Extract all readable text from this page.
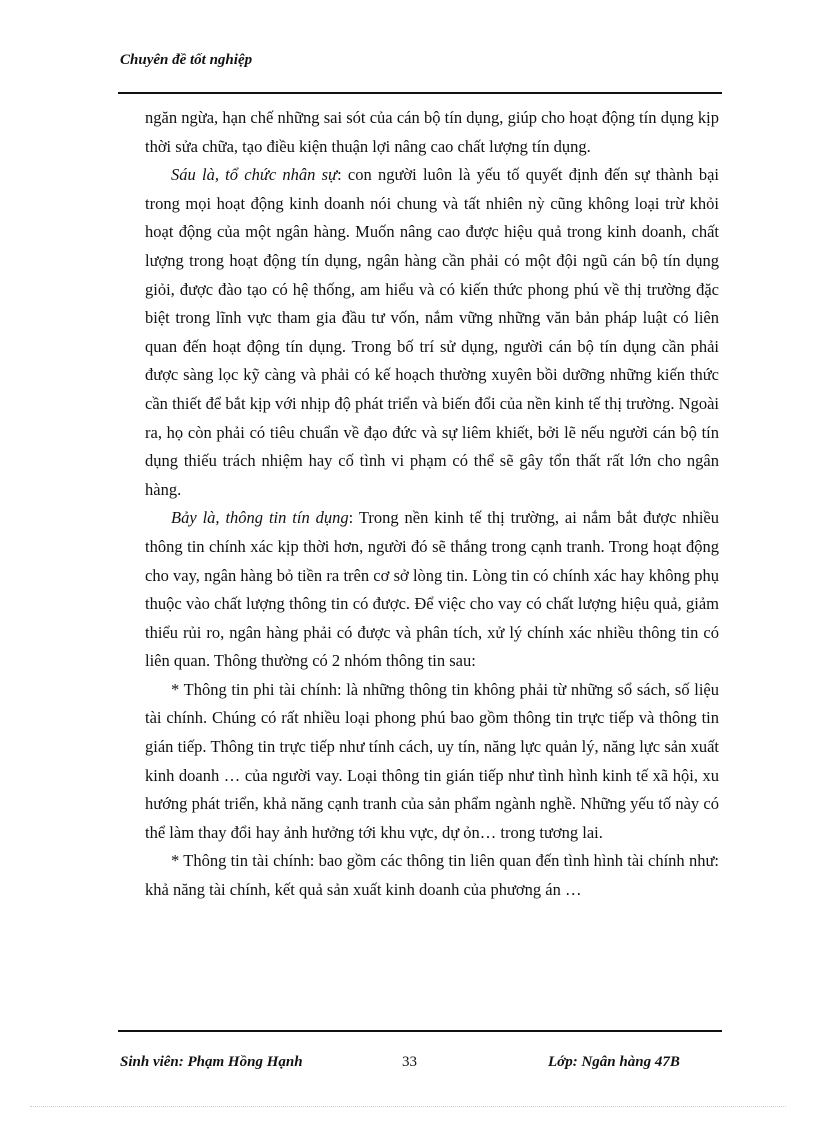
Chuyên đề tốt nghiệp

ngăn ngừa, hạn chế những sai sót của cán bộ tín dụng, giúp cho hoạt động tín dụng kịp thời sửa chữa, tạo điều kiện thuận lợi nâng cao chất lượng tín dụng.

Sáu là, tổ chức nhân sự: con người luôn là yếu tố quyết định đến sự thành bại trong mọi hoạt động kinh doanh nói chung và tất nhiên nỳ cũng không loại trừ khỏi hoạt động của một ngân hàng. Muốn nâng cao được hiệu quả trong kinh doanh, chất lượng trong hoạt động tín dụng, ngân hàng cần phải có một đội ngũ cán bộ tín dụng giỏi, được đào tạo có hệ thống, am hiểu và có kiến thức phong phú về thị trường đặc biệt trong lĩnh vực tham gia đầu tư vốn, nắm vững những văn bản pháp luật có liên quan đến hoạt động tín dụng. Trong bố trí sử dụng, người cán bộ tín dụng cần phải được sàng lọc kỹ càng và phải có kế hoạch thường xuyên bồi dưỡng những kiến thức cần thiết để bắt kịp với nhịp độ phát triển và biến đổi của nền kinh tế thị trường. Ngoài ra, họ còn phải có tiêu chuẩn về đạo đức và sự liêm khiết, bởi lẽ nếu người cán bộ tín dụng thiếu trách nhiệm hay cố tình vi phạm có thể sẽ gây tổn thất rất lớn cho ngân hàng.

Bảy là, thông tin tín dụng: Trong nền kinh tế thị trường, ai nắm bắt được nhiều thông tin chính xác kịp thời hơn, người đó sẽ thắng trong cạnh tranh. Trong hoạt động cho vay, ngân hàng bỏ tiền ra trên cơ sở lòng tin. Lòng tin có chính xác hay không phụ thuộc vào chất lượng thông tin có được. Để việc cho vay có chất lượng hiệu quả, giảm thiểu rủi ro, ngân hàng phải có được và phân tích, xử lý chính xác nhiều thông tin có liên quan. Thông thường có 2 nhóm thông tin sau:

* Thông tin phi tài chính: là những thông tin không phải từ những sổ sách, số liệu tài chính. Chúng có rất nhiều loại phong phú bao gồm thông tin trực tiếp và thông tin gián tiếp. Thông tin trực tiếp như tính cách, uy tín, năng lực quản lý, năng lực sản xuất kinh doanh … của người vay. Loại thông tin gián tiếp như tình hình kinh tế xã hội, xu hướng phát triển, khả năng cạnh tranh của sản phẩm ngành nghề. Những yếu tố này có thể làm thay đổi hay ảnh hưởng tới khu vực, dự ỏn… trong tương lai.

* Thông tin tài chính: bao gồm các thông tin liên quan đến tình hình tài chính như: khả năng tài chính, kết quả sản xuất kinh doanh của phương án …

Sinh viên: Phạm Hồng Hạnh	33	Lớp: Ngân hàng 47B
